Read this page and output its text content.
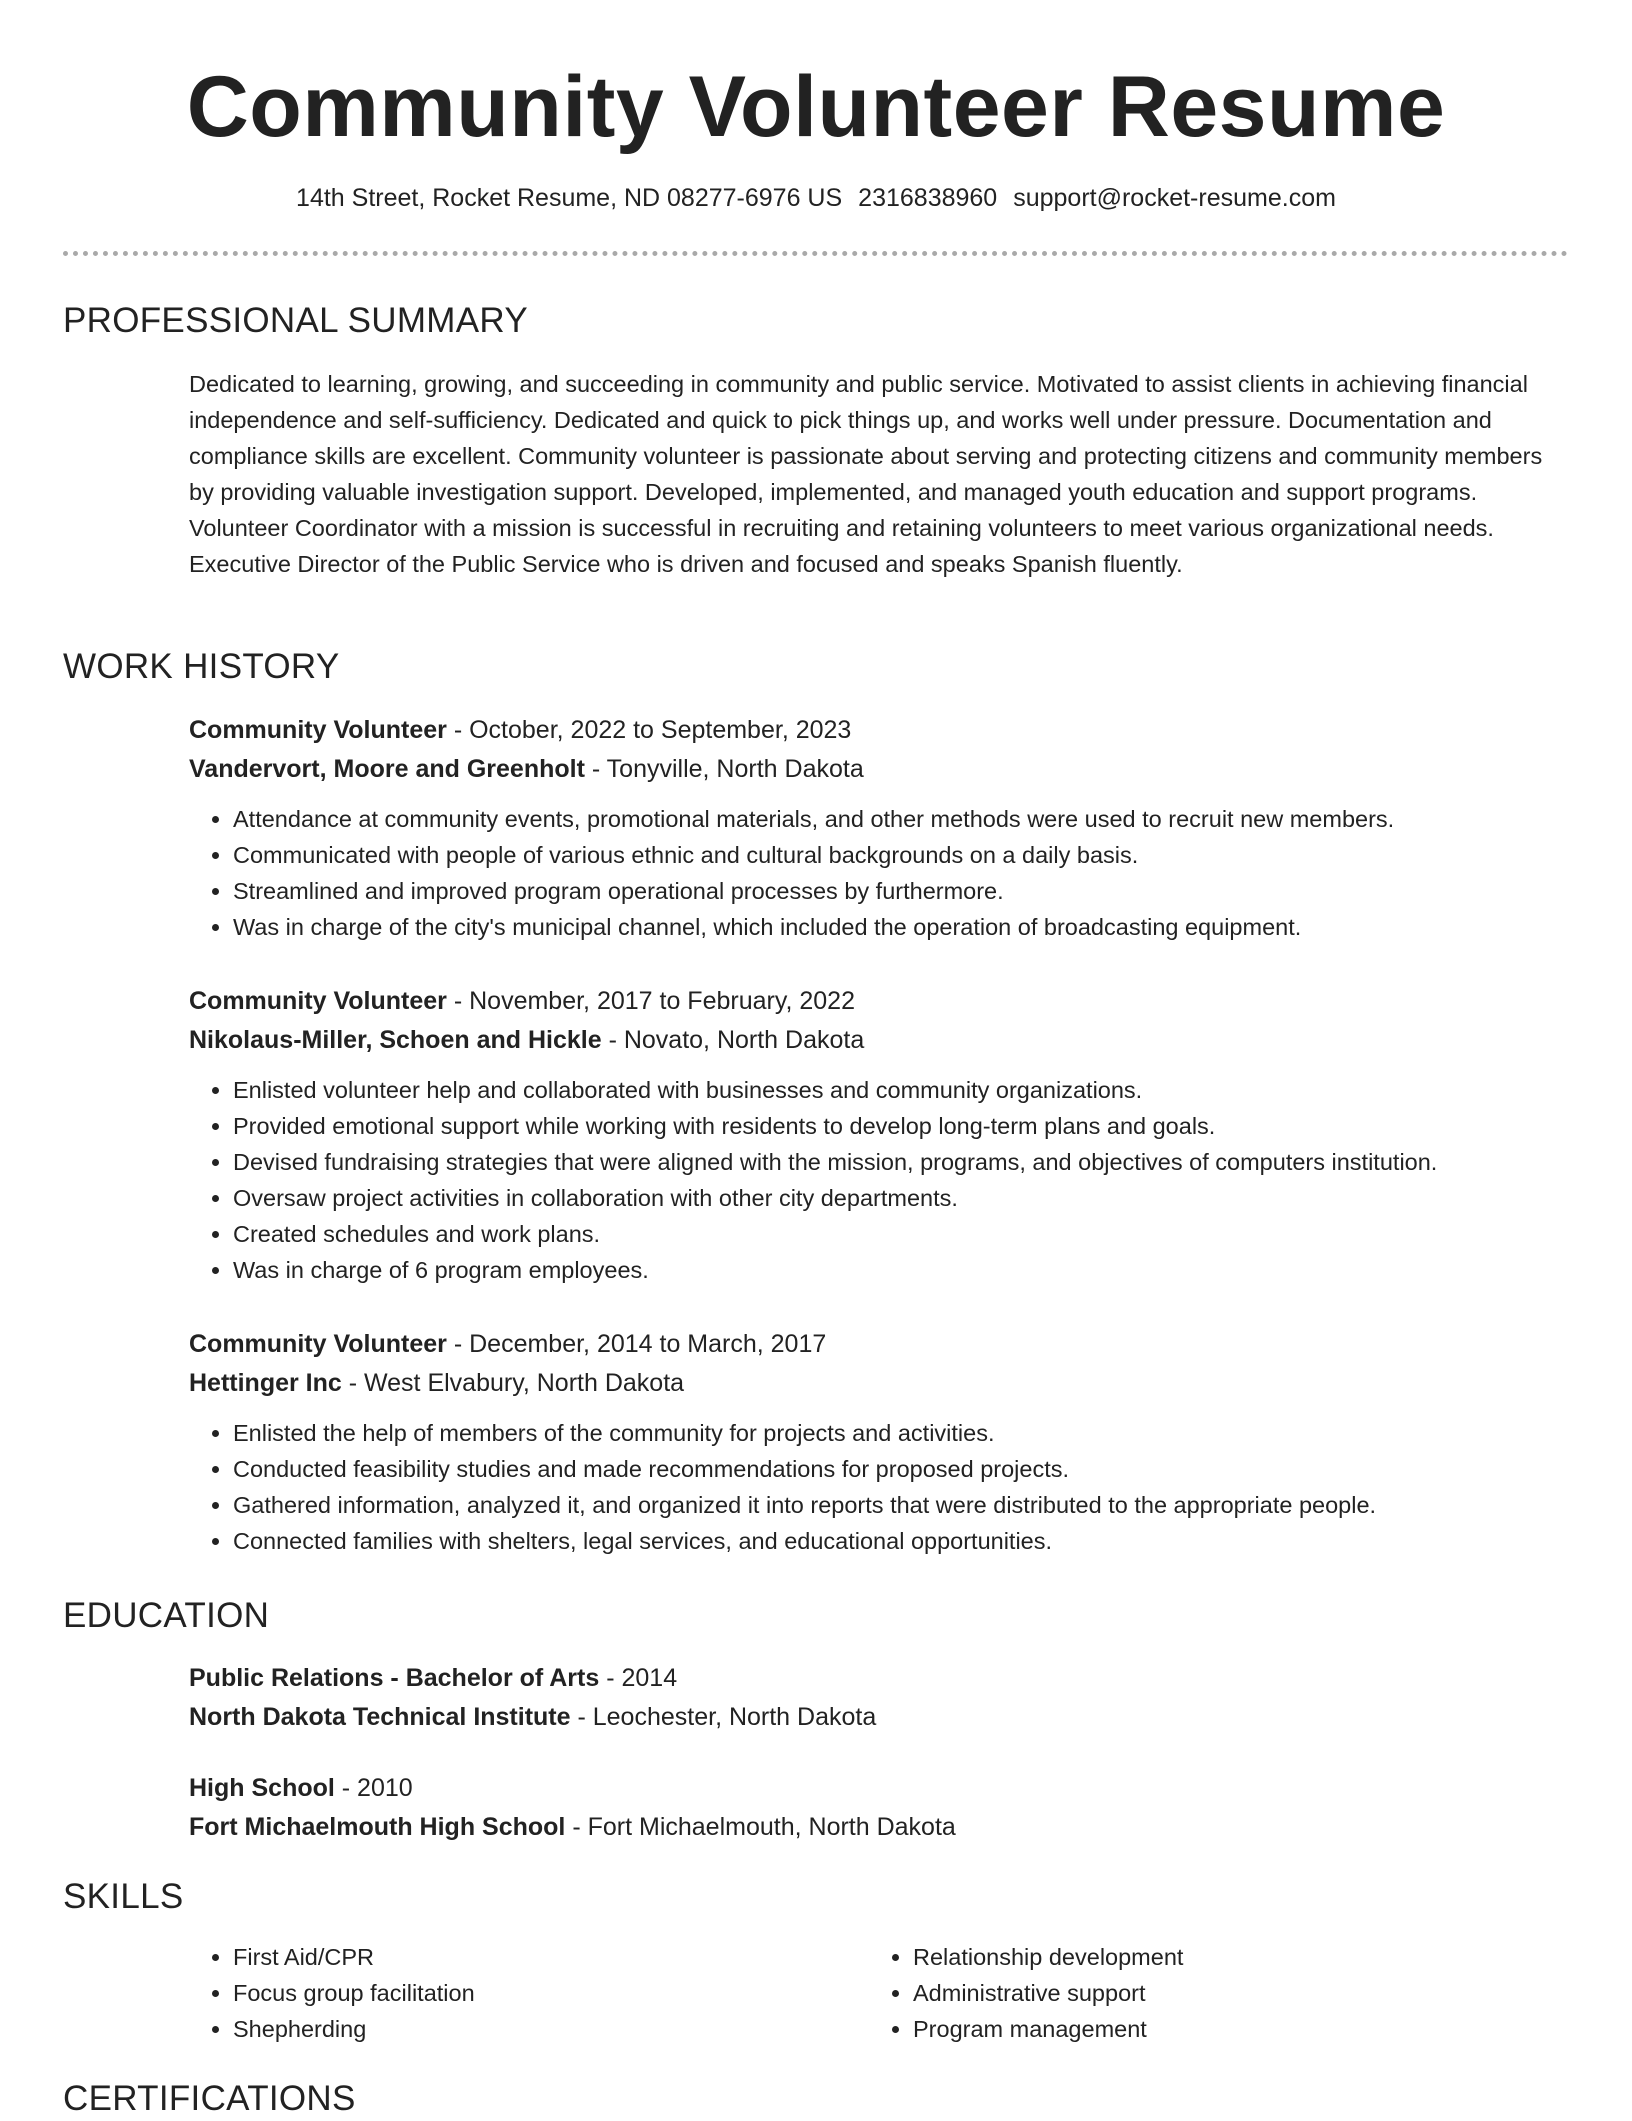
Community Volunteer Resume
14th Street, Rocket Resume, ND 08277-6976 US 2316838960 support@rocket-resume.com
PROFESSIONAL SUMMARY
Dedicated to learning, growing, and succeeding in community and public service. Motivated to assist clients in achieving financial independence and self-sufficiency. Dedicated and quick to pick things up, and works well under pressure. Documentation and compliance skills are excellent. Community volunteer is passionate about serving and protecting citizens and community members by providing valuable investigation support. Developed, implemented, and managed youth education and support programs. Volunteer Coordinator with a mission is successful in recruiting and retaining volunteers to meet various organizational needs. Executive Director of the Public Service who is driven and focused and speaks Spanish fluently.
WORK HISTORY
Community Volunteer - October, 2022 to September, 2023
Vandervort, Moore and Greenholt - Tonyville, North Dakota
• Attendance at community events, promotional materials, and other methods were used to recruit new members.
• Communicated with people of various ethnic and cultural backgrounds on a daily basis.
• Streamlined and improved program operational processes by furthermore.
• Was in charge of the city's municipal channel, which included the operation of broadcasting equipment.
Community Volunteer - November, 2017 to February, 2022
Nikolaus-Miller, Schoen and Hickle - Novato, North Dakota
• Enlisted volunteer help and collaborated with businesses and community organizations.
• Provided emotional support while working with residents to develop long-term plans and goals.
• Devised fundraising strategies that were aligned with the mission, programs, and objectives of computers institution.
• Oversaw project activities in collaboration with other city departments.
• Created schedules and work plans.
• Was in charge of 6 program employees.
Community Volunteer - December, 2014 to March, 2017
Hettinger Inc - West Elvabury, North Dakota
• Enlisted the help of members of the community for projects and activities.
• Conducted feasibility studies and made recommendations for proposed projects.
• Gathered information, analyzed it, and organized it into reports that were distributed to the appropriate people.
• Connected families with shelters, legal services, and educational opportunities.
EDUCATION
Public Relations - Bachelor of Arts - 2014
North Dakota Technical Institute - Leochester, North Dakota
High School - 2010
Fort Michaelmouth High School - Fort Michaelmouth, North Dakota
SKILLS
• First Aid/CPR
• Focus group facilitation
• Shepherding
• Relationship development
• Administrative support
• Program management
CERTIFICATIONS
